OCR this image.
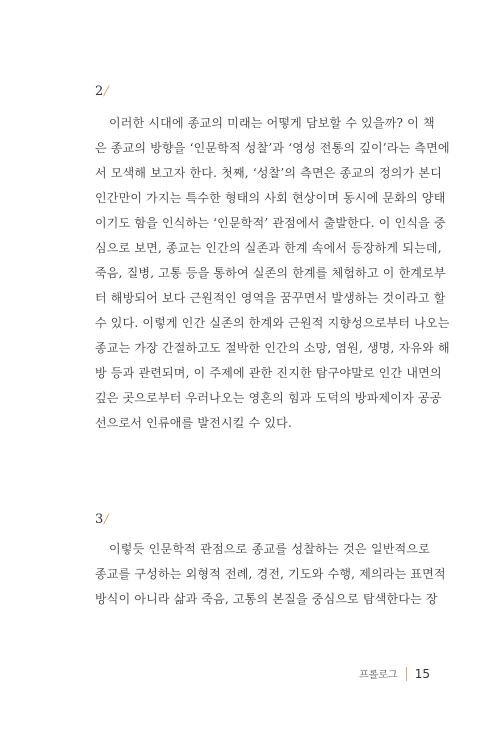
2/
이러한 시대에 종교의 미래는 어떻게 담보할 수 있을까? 이 책
은 종교의 방향을 ‘인문학적 성찰’과 ‘영성 전통의 깊이’라는 측면에
서 모색해 보고자 한다. 첫째, ‘성찰’의 측면은 종교의 정의가 본디
인간만이 가지는 특수한 형태의 사회 현상이며 동시에 문화의 양태
이기도 함을 인식하는 ‘인문학적’ 관점에서 출발한다. 이 인식을 중
심으로 보면, 종교는 인간의 실존과 한계 속에서 등장하게 되는데,
죽음, 질병, 고통 등을 통하여 실존의 한계를 체험하고 이 한계로부
터 해방되어 보다 근원적인 영역을 꿈꾸면서 발생하는 것이라고 할
수 있다. 이렇게 인간 실존의 한계와 근원적 지향성으로부터 나오는
종교는 가장 간절하고도 절박한 인간의 소망, 염원, 생명, 자유와 해
방 등과 관련되며, 이 주제에 관한 진지한 탐구야말로 인간 내면의
깊은 곳으로부터 우러나오는 영혼의 힘과 도덕의 방파제이자 공공
선으로서 인류애를 발전시킬 수 있다.
3/
이렇듯 인문학적 관점으로 종교를 성찰하는 것은 일반적으로
종교를 구성하는 외형적 전례, 경전, 기도와 수행, 제의라는 표면적
방식이 아니라 삶과 죽음, 고통의 본질을 중심으로 탐색한다는 장
프롤로그 15
